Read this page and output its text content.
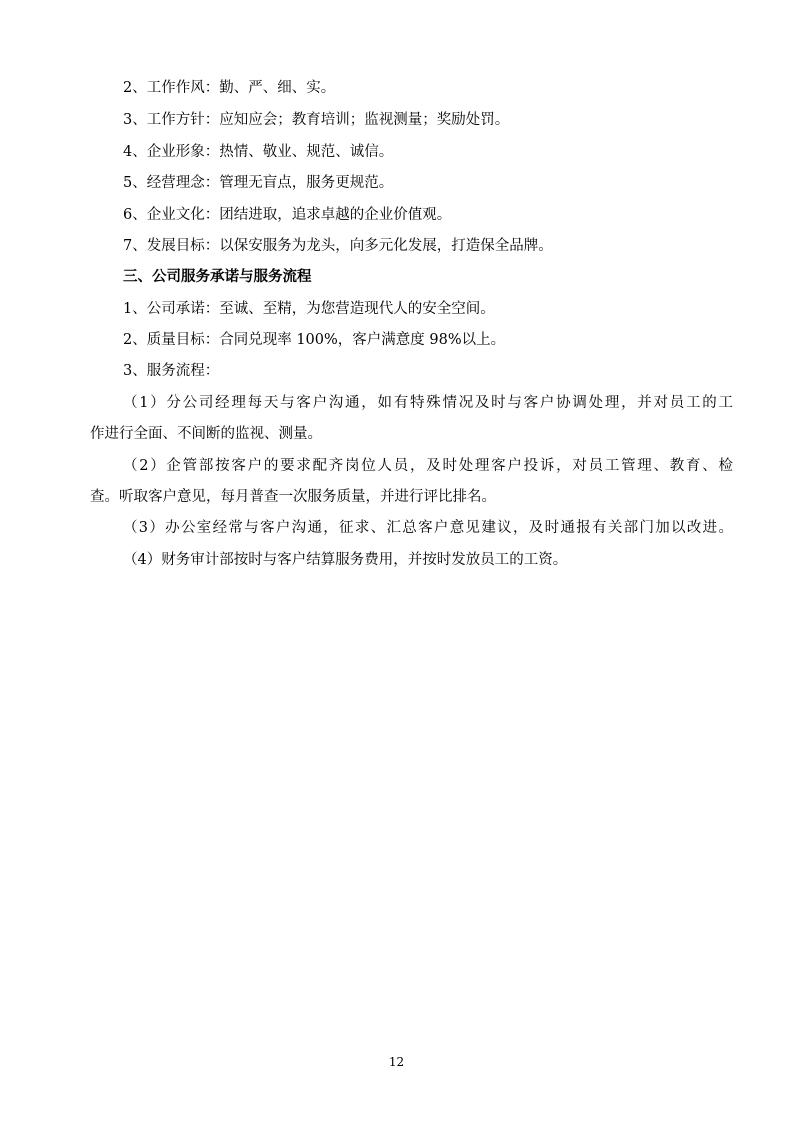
2、工作作风：勤、严、细、实。
3、工作方针：应知应会；教育培训；监视测量；奖励处罚。
4、企业形象：热情、敬业、规范、诚信。
5、经营理念：管理无盲点，服务更规范。
6、企业文化：团结进取，追求卓越的企业价值观。
7、发展目标：以保安服务为龙头，向多元化发展，打造保全品牌。
三、公司服务承诺与服务流程
1、公司承诺：至诚、至精，为您营造现代人的安全空间。
2、质量目标：合同兑现率 100%，客户满意度 98%以上。
3、服务流程：
（1）分公司经理每天与客户沟通，如有特殊情况及时与客户协调处理，并对员工的工
作进行全面、不间断的监视、测量。
（2）企管部按客户的要求配齐岗位人员，及时处理客户投诉，对员工管理、教育、检
查。听取客户意见，每月普查一次服务质量，并进行评比排名。
（3）办公室经常与客户沟通，征求、汇总客户意见建议，及时通报有关部门加以改进。
（4）财务审计部按时与客户结算服务费用，并按时发放员工的工资。
12
